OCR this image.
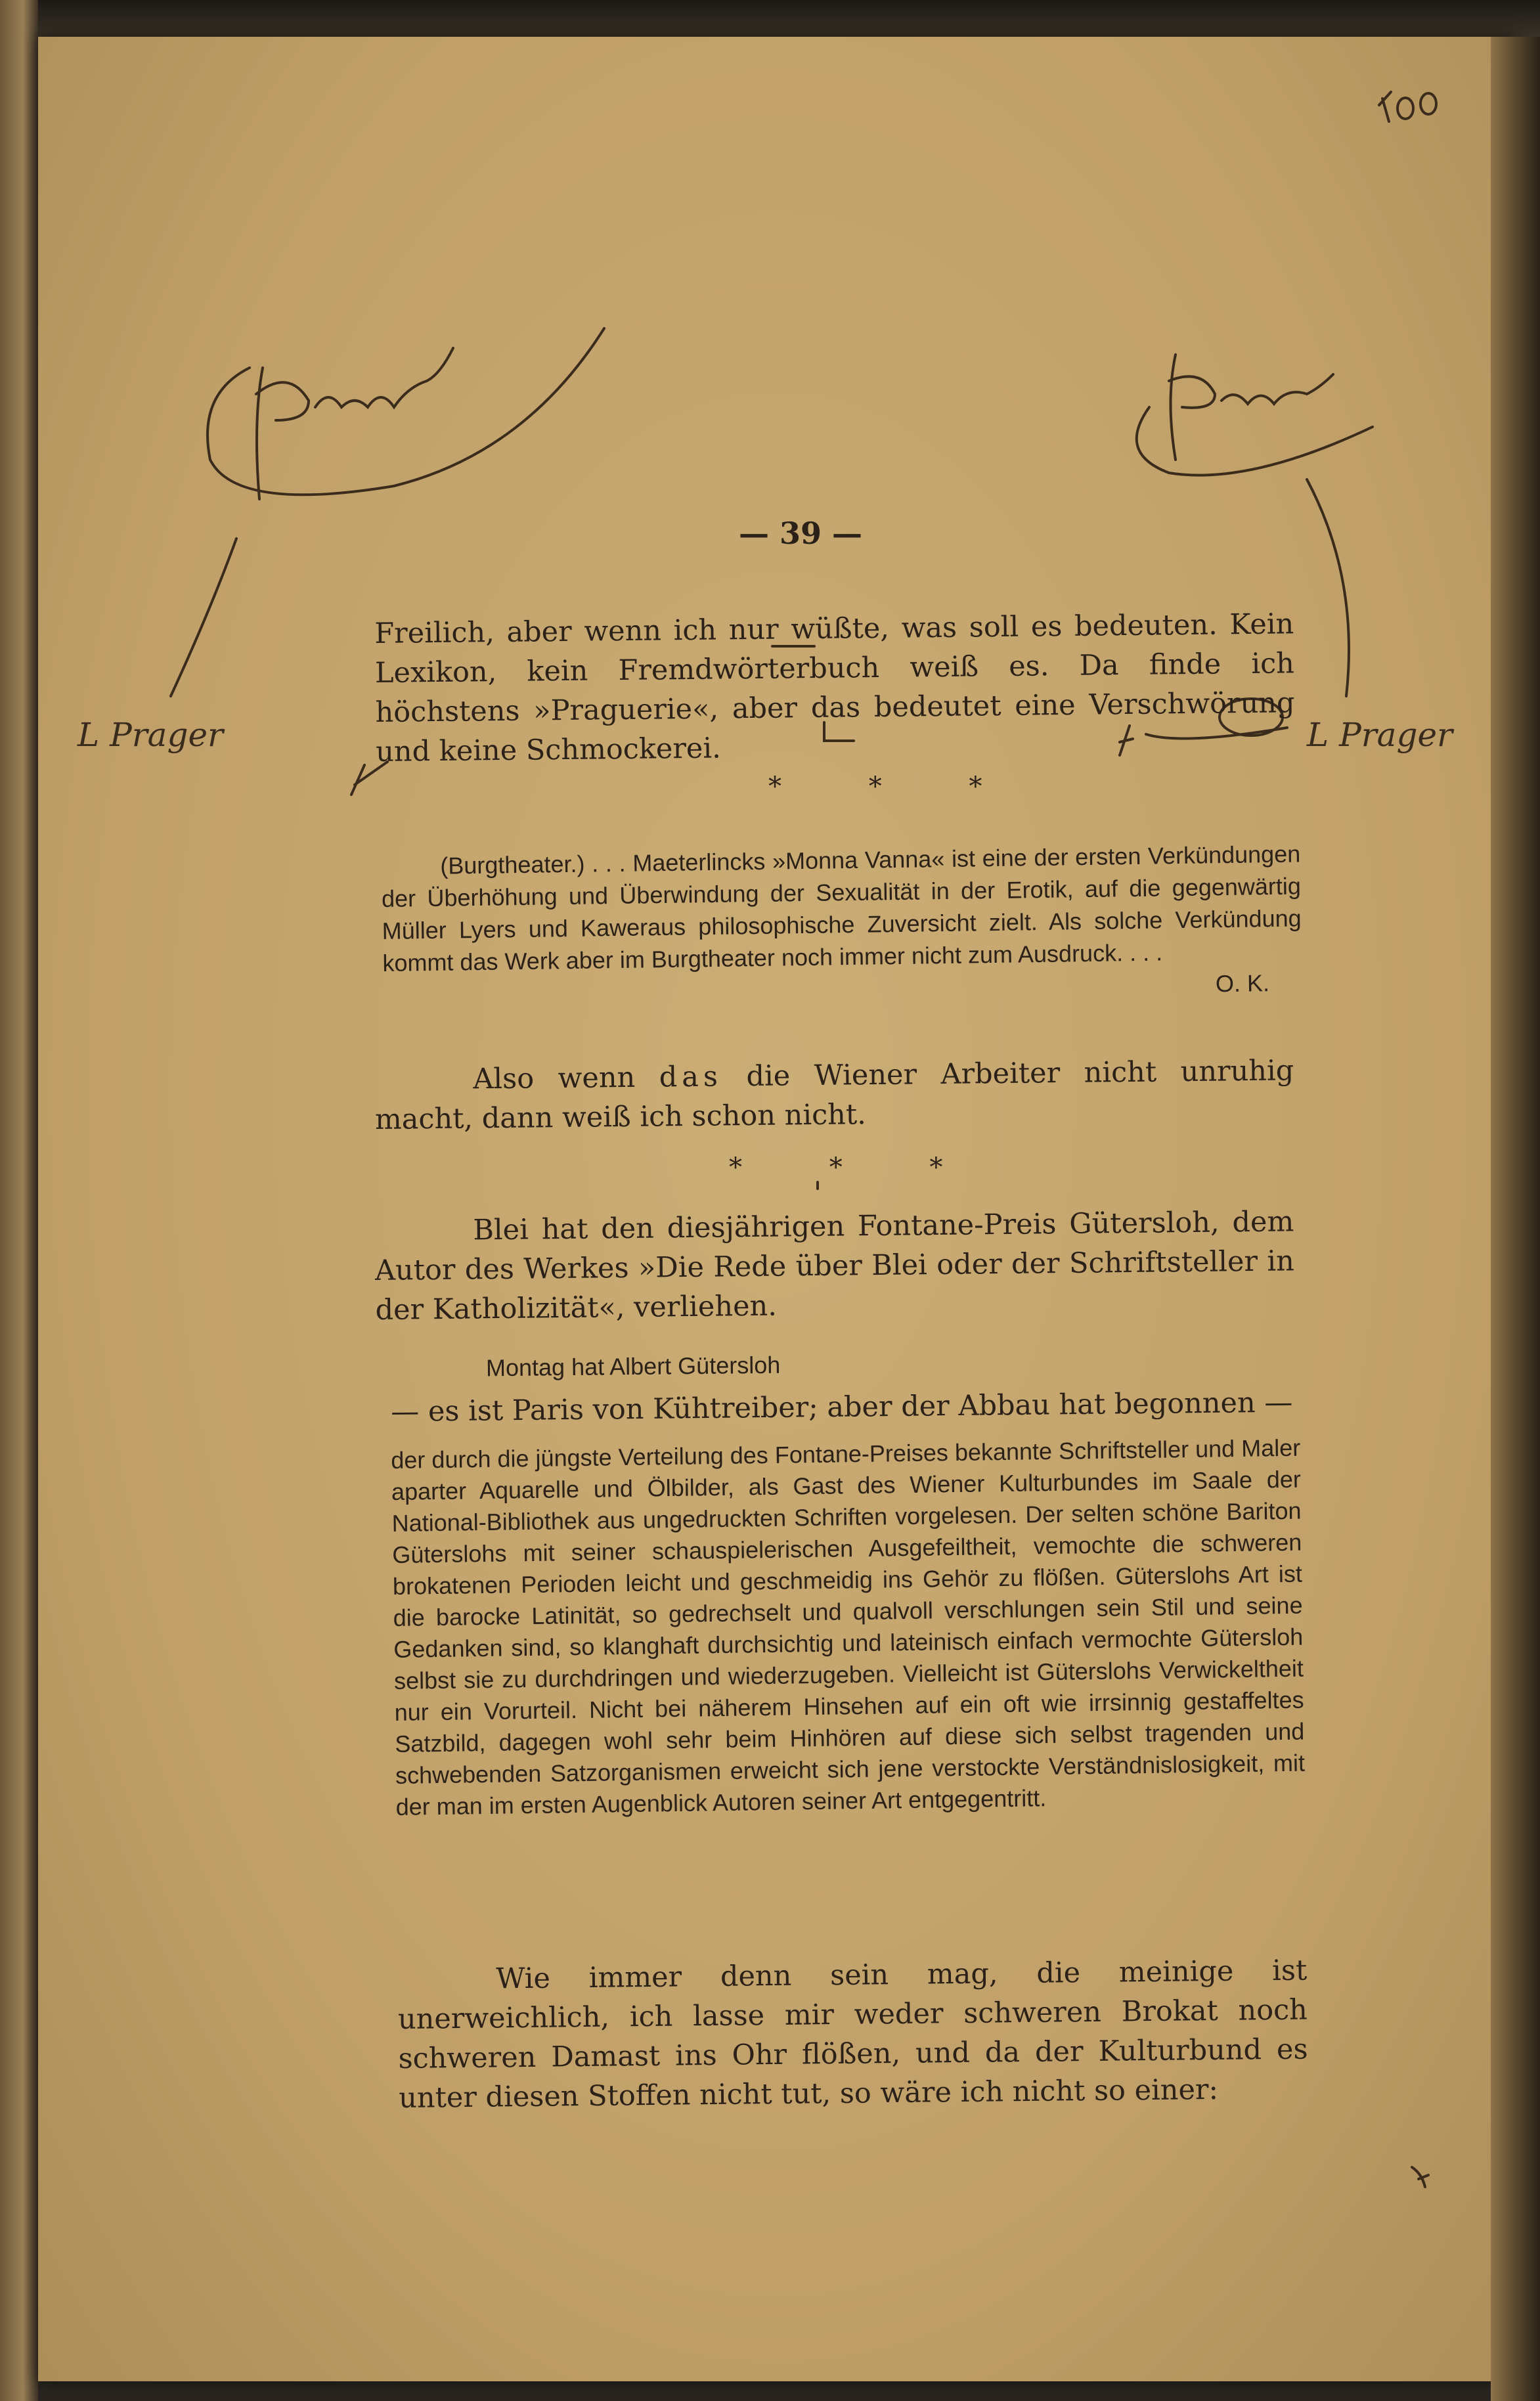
L Prager	L Prager
— 39 —
Freilich, aber wenn ich nur wüßte, was soll es bedeuten. Kein Lexikon, kein Fremdwörterbuch weiß es. Da finde ich höchstens »Praguerie«, aber das bedeutet eine Verschwörung und keine Schmockerei.
* * *
(Burgtheater.) . . . Maeterlincks »Monna Vanna« ist eine der ersten Verkündungen der Überhöhung und Überwindung der Sexualität in der Erotik, auf die gegenwärtig Müller Lyers und Kaweraus philosophische Zuversicht zielt. Als solche Verkündung kommt das Werk aber im Burgtheater noch immer nicht zum Ausdruck. . . .
O. K.
Also wenn das die Wiener Arbeiter nicht unruhig macht, dann weiß ich schon nicht.
* * *
Blei hat den diesjährigen Fontane-Preis Gütersloh, dem Autor des Werkes »Die Rede über Blei oder der Schriftsteller in der Katholizität«, verliehen.
Montag hat Albert Gütersloh
— es ist Paris von Kühtreiber; aber der Abbau hat begonnen —
der durch die jüngste Verteilung des Fontane-Preises bekannte Schriftsteller und Maler aparter Aquarelle und Ölbilder, als Gast des Wiener Kulturbundes im Saale der National-Bibliothek aus ungedruckten Schriften vorgelesen. Der selten schöne Bariton Güterslohs mit seiner schauspielerischen Ausgefeiltheit, vemochte die schweren brokatenen Perioden leicht und geschmeidig ins Gehör zu flößen. Güterslohs Art ist die barocke Latinität, so gedrechselt und qualvoll verschlungen sein Stil und seine Gedanken sind, so klanghaft durchsichtig und lateinisch einfach vermochte Gütersloh selbst sie zu durchdringen und wiederzugeben. Vielleicht ist Güterslohs Verwickeltheit nur ein Vorurteil. Nicht bei näherem Hinsehen auf ein oft wie irrsinnig gestaffeltes Satzbild, dagegen wohl sehr beim Hinhören auf diese sich selbst tragenden und schwebenden Satzorganismen erweicht sich jene verstockte Verständnislosigkeit, mit der man im ersten Augenblick Autoren seiner Art entgegentritt.
Wie immer denn sein mag, die meinige ist unerweichlich, ich lasse mir weder schweren Brokat noch schweren Damast ins Ohr flößen, und da der Kulturbund es unter diesen Stoffen nicht tut, so wäre ich nicht so einer:
